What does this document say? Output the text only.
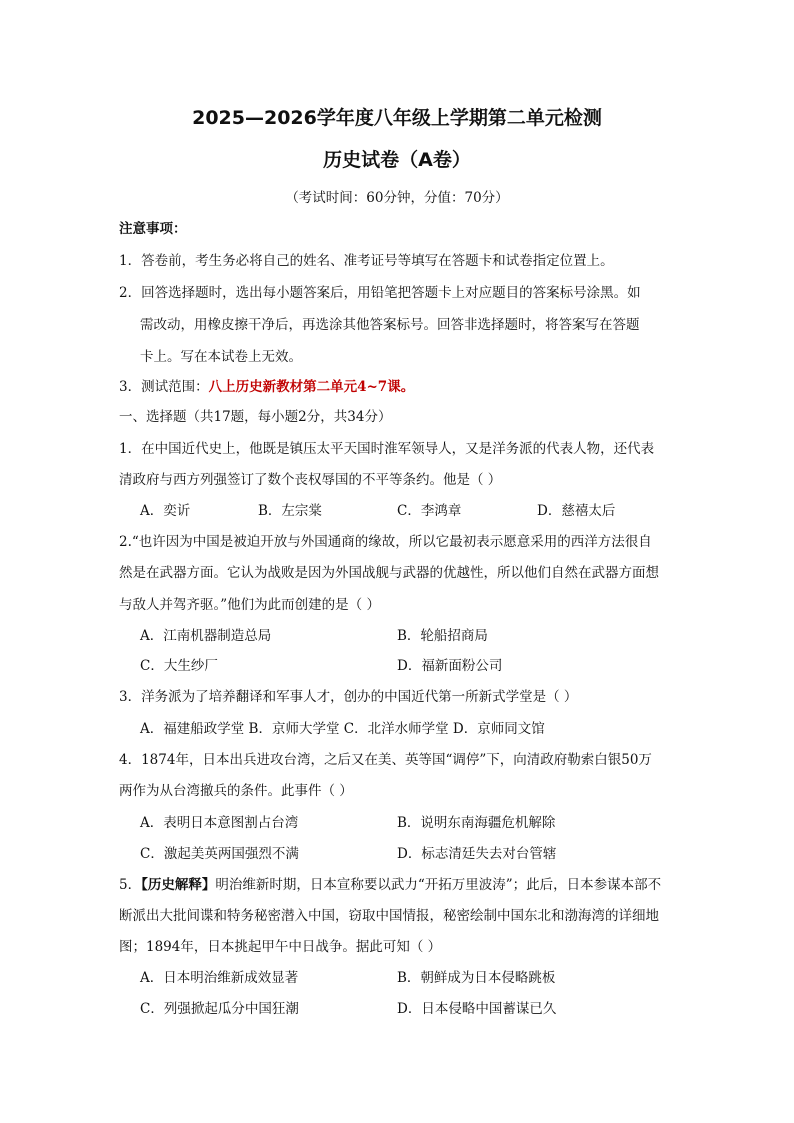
2025—2026学年度八年级上学期第二单元检测
历史试卷（A卷）
（考试时间：60分钟，分值：70分）
注意事项：
1．答卷前，考生务必将自己的姓名、准考证号等填写在答题卡和试卷指定位置上。
2．回答选择题时，选出每小题答案后，用铅笔把答题卡上对应题目的答案标号涂黑。如
需改动，用橡皮擦干净后，再选涂其他答案标号。回答非选择题时，将答案写在答题
卡上。写在本试卷上无效。
3．测试范围：八上历史新教材第二单元4~7课。
一、选择题（共17题，每小题2分，共34分）
1．在中国近代史上，他既是镇压太平天国时淮军领导人，又是洋务派的代表人物，还代表
清政府与西方列强签订了数个丧权辱国的不平等条约。他是（ ）
A．奕䜣	B．左宗棠	C．李鸿章	D．慈禧太后
2.“也许因为中国是被迫开放与外国通商的缘故，所以它最初表示愿意采用的西洋方法很自
然是在武器方面。它认为战败是因为外国战舰与武器的优越性，所以他们自然在武器方面想
与敌人并驾齐驱。”他们为此而创建的是（ ）
A．江南机器制造总局	B．轮船招商局
C．大生纱厂	D．福新面粉公司
3．洋务派为了培养翻译和军事人才，创办的中国近代第一所新式学堂是（ ）
A．福建船政学堂 B．京师大学堂 C．北洋水师学堂 D．京师同文馆
4．1874年，日本出兵进攻台湾，之后又在美、英等国“调停”下，向清政府勒索白银50万
两作为从台湾撤兵的条件。此事件（ ）
A．表明日本意图割占台湾	B．说明东南海疆危机解除
C．激起美英两国强烈不满	D．标志清廷失去对台管辖
5．【历史解释】明治维新时期，日本宣称要以武力“开拓万里波涛”；此后，日本参谋本部不
断派出大批间谍和特务秘密潜入中国，窃取中国情报，秘密绘制中国东北和渤海湾的详细地
图；1894年，日本挑起甲午中日战争。据此可知（ ）
A．日本明治维新成效显著	B．朝鲜成为日本侵略跳板
C．列强掀起瓜分中国狂潮	D．日本侵略中国蓄谋已久
